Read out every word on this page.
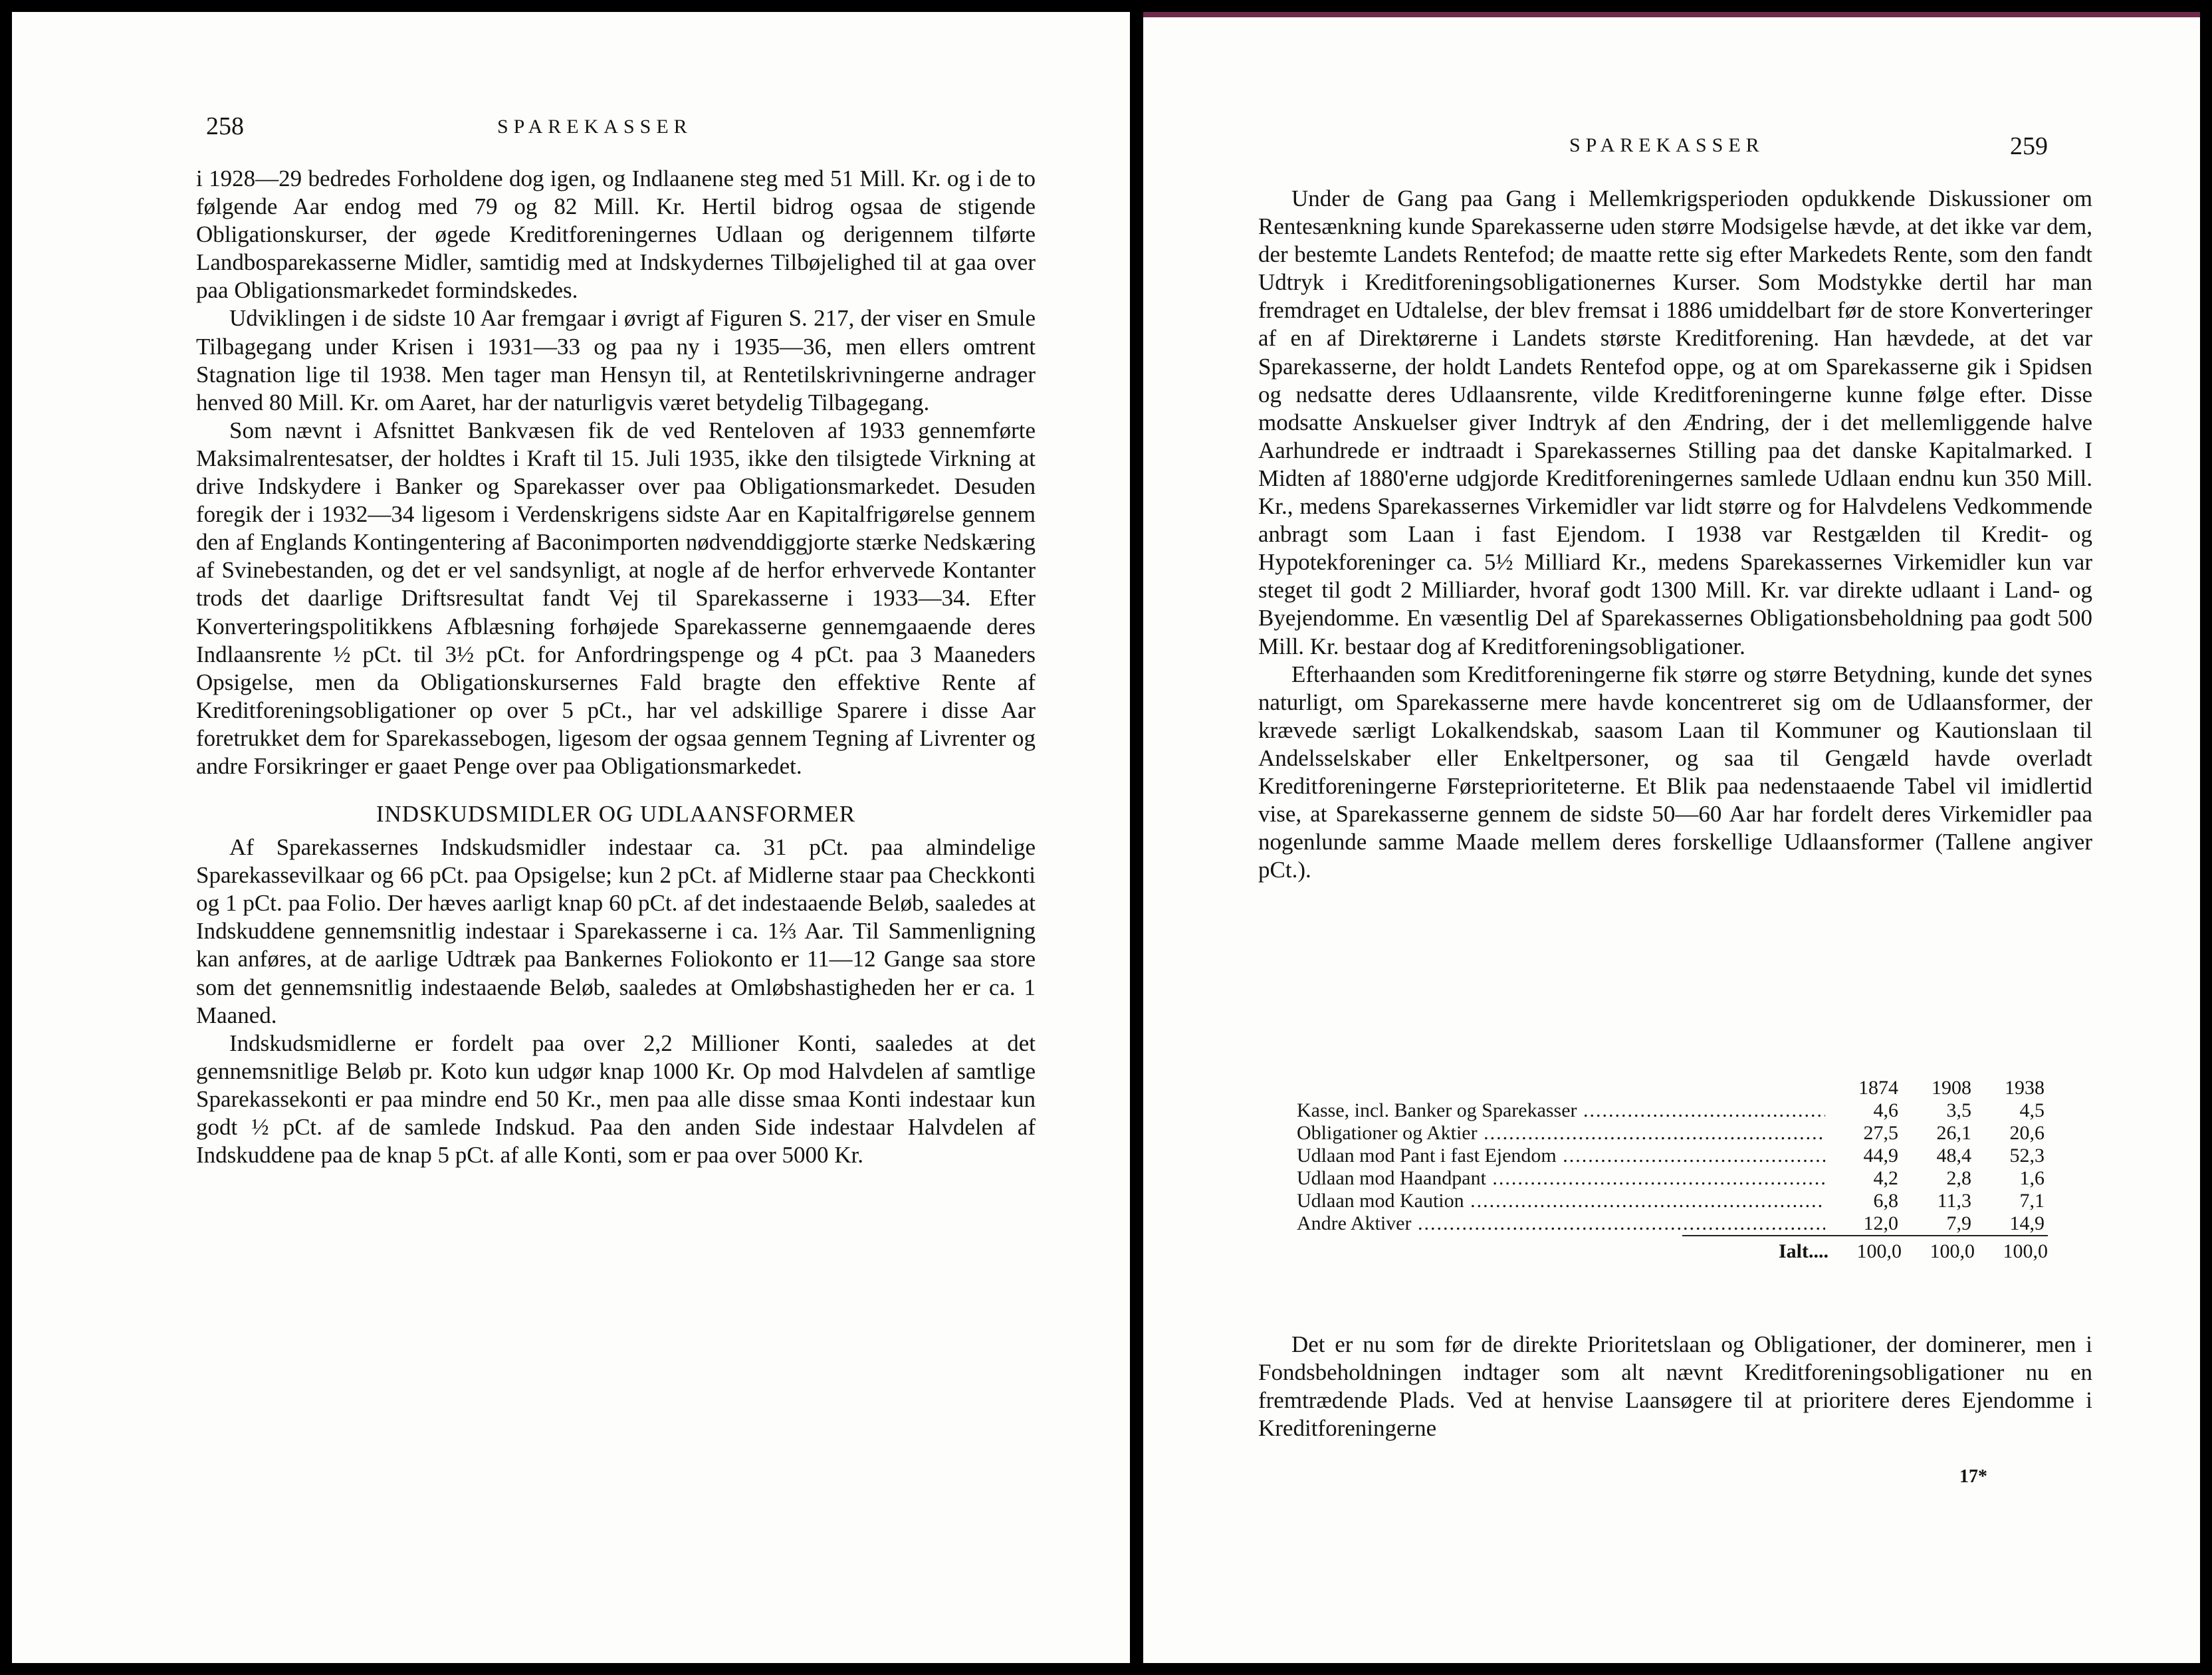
258	SPAREKASSER

i 1928—29 bedredes Forholdene dog igen, og Indlaanene steg med 51 Mill. Kr. og i de to følgende Aar endog med 79 og 82 Mill. Kr. Hertil bidrog ogsaa de stigende Obligationskurser, der øgede Kreditforeningernes Udlaan og derigennem tilførte Landbosparekasserne Midler, samtidig med at Indskydernes Tilbøjelighed til at gaa over paa Obligationsmarkedet formindskedes.

Udviklingen i de sidste 10 Aar fremgaar i øvrigt af Figuren S. 217, der viser en Smule Tilbagegang under Krisen i 1931—33 og paa ny i 1935—36, men ellers omtrent Stagnation lige til 1938. Men tager man Hensyn til, at Rentetilskrivningerne andrager henved 80 Mill. Kr. om Aaret, har der naturligvis været betydelig Tilbagegang.

Som nævnt i Afsnittet Bankvæsen fik de ved Renteloven af 1933 gennemførte Maksimalrentesatser, der holdtes i Kraft til 15. Juli 1935, ikke den tilsigtede Virkning at drive Indskydere i Banker og Sparekasser over paa Obligationsmarkedet. Desuden foregik der i 1932—34 ligesom i Verdenskrigens sidste Aar en Kapitalfrigørelse gennem den af Englands Kontingentering af Baconimporten nødvenddiggjorte stærke Nedskæring af Svinebestanden, og det er vel sandsynligt, at nogle af de herfor erhvervede Kontanter trods det daarlige Driftsresultat fandt Vej til Sparekasserne i 1933—34. Efter Konverteringspolitikkens Afblæsning forhøjede Sparekasserne gennemgaaende deres Indlaansrente ½ pCt. til 3½ pCt. for Anfordringspenge og 4 pCt. paa 3 Maaneders Opsigelse, men da Obligationskursernes Fald bragte den effektive Rente af Kreditforeningsobligationer op over 5 pCt., har vel adskillige Sparere i disse Aar foretrukket dem for Sparekassebogen, ligesom der ogsaa gennem Tegning af Livrenter og andre Forsikringer er gaaet Penge over paa Obligationsmarkedet.

INDSKUDSMIDLER OG UDLAANSFORMER

Af Sparekassernes Indskudsmidler indestaar ca. 31 pCt. paa almindelige Sparekassevilkaar og 66 pCt. paa Opsigelse; kun 2 pCt. af Midlerne staar paa Checkkonti og 1 pCt. paa Folio. Der hæves aarligt knap 60 pCt. af det indestaaende Beløb, saaledes at Indskuddene gennemsnitlig indestaar i Sparekasserne i ca. 1⅔ Aar. Til Sammenligning kan anføres, at de aarlige Udtræk paa Bankernes Foliokonto er 11—12 Gange saa store som det gennemsnitlig indestaaende Beløb, saaledes at Omløbshastigheden her er ca. 1 Maaned.

Indskudsmidlerne er fordelt paa over 2,2 Millioner Konti, saaledes at det gennemsnitlige Beløb pr. Koto kun udgør knap 1000 Kr. Op mod Halvdelen af samtlige Sparekassekonti er paa mindre end 50 Kr., men paa alle disse smaa Konti indestaar kun godt ½ pCt. af de samlede Indskud. Paa den anden Side indestaar Halvdelen af Indskuddene paa de knap 5 pCt. af alle Konti, som er paa over 5000 Kr.

SPAREKASSER	259

Under de Gang paa Gang i Mellemkrigsperioden opdukkende Diskussioner om Rentesænkning kunde Sparekasserne uden større Modsigelse hævde, at det ikke var dem, der bestemte Landets Rentefod; de maatte rette sig efter Markedets Rente, som den fandt Udtryk i Kreditforeningsobligationernes Kurser. Som Modstykke dertil har man fremdraget en Udtalelse, der blev fremsat i 1886 umiddelbart før de store Konverteringer af en af Direktørerne i Landets største Kreditforening. Han hævdede, at det var Sparekasserne, der holdt Landets Rentefod oppe, og at om Sparekasserne gik i Spidsen og nedsatte deres Udlaansrente, vilde Kreditforeningerne kunne følge efter. Disse modsatte Anskuelser giver Indtryk af den Ændring, der i det mellemliggende halve Aarhundrede er indtraadt i Sparekassernes Stilling paa det danske Kapitalmarked. I Midten af 1880'erne udgjorde Kreditforeningernes samlede Udlaan endnu kun 350 Mill. Kr., medens Sparekassernes Virkemidler var lidt større og for Halvdelens Vedkommende anbragt som Laan i fast Ejendom. I 1938 var Restgælden til Kredit- og Hypotekforeninger ca. 5½ Milliard Kr., medens Sparekassernes Virkemidler kun var steget til godt 2 Milliarder, hvoraf godt 1300 Mill. Kr. var direkte udlaant i Land- og Byejendomme. En væsentlig Del af Sparekassernes Obligationsbeholdning paa godt 500 Mill. Kr. bestaar dog af Kreditforeningsobligationer.

Efterhaanden som Kreditforeningerne fik større og større Betydning, kunde det synes naturligt, om Sparekasserne mere havde koncentreret sig om de Udlaansformer, der krævede særligt Lokalkendskab, saasom Laan til Kommuner og Kautionslaan til Andelsselskaber eller Enkeltpersoner, og saa til Gengæld havde overladt Kreditforeningerne Førsteprioriteterne. Et Blik paa nedenstaaende Tabel vil imidlertid vise, at Sparekasserne gennem de sidste 50—60 Aar har fordelt deres Virkemidler paa nogenlunde samme Maade mellem deres forskellige Udlaansformer (Tallene angiver pCt.).

1874	1908	1938
Kasse, incl. Banker og Sparekasser .....	4,6	3,5	4,5
Obligationer og Aktier .....	27,5	26,1	20,6
Udlaan mod Pant i fast Ejendom .....	44,9	48,4	52,3
Udlaan mod Haandpant .....	4,2	2,8	1,6
Udlaan mod Kaution .....	6,8	11,3	7,1
Andre Aktiver .....	12,0	7,9	14,9
Ialt....	100,0	100,0	100,0

Det er nu som før de direkte Prioritetslaan og Obligationer, der dominerer, men i Fondsbeholdningen indtager som alt nævnt Kreditforeningsobligationer nu en fremtrædende Plads. Ved at henvise Laansøgere til at prioritere deres Ejendomme i Kreditforeningerne

17*
